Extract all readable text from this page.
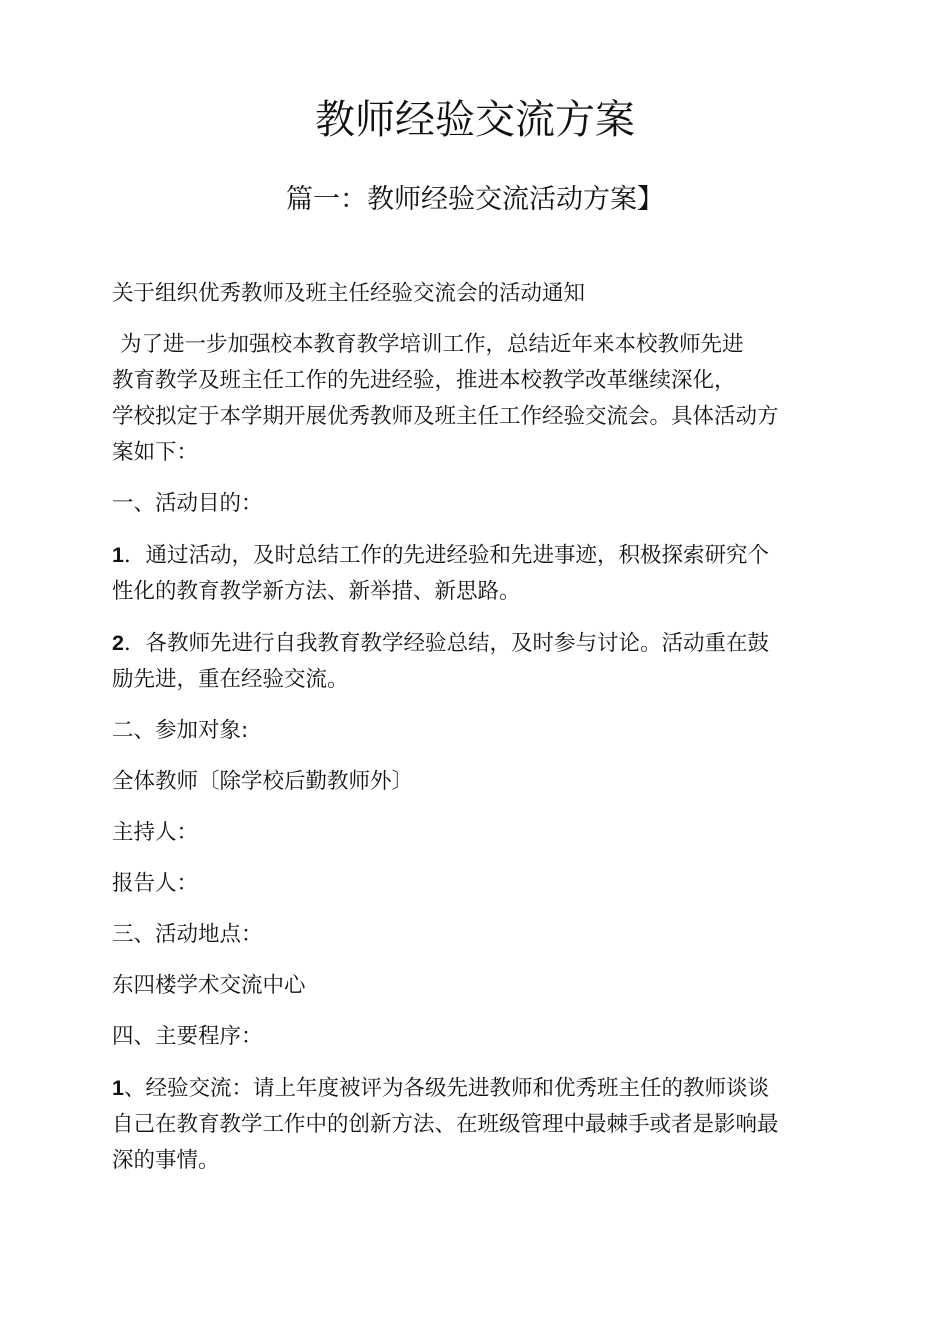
教师经验交流方案
篇一：教师经验交流活动方案】

关于组织优秀教师及班主任经验交流会的活动通知

为了进一步加强校本教育教学培训工作，总结近年来本校教师先进
教育教学及班主任工作的先进经验，推进本校教学改革继续深化，
学校拟定于本学期开展优秀教师及班主任工作经验交流会。具体活动方
案如下：

一、活动目的：

1．通过活动，及时总结工作的先进经验和先进事迹，积极探索研究个
性化的教育教学新方法、新举措、新思路。

2．各教师先进行自我教育教学经验总结，及时参与讨论。活动重在鼓
励先进，重在经验交流。

二、参加对象:

全体教师〔除学校后勤教师外〕

主持人：

报告人：

三、活动地点：

东四楼学术交流中心

四、主要程序：

1、经验交流：请上年度被评为各级先进教师和优秀班主任的教师谈谈
自己在教育教学工作中的创新方法、在班级管理中最棘手或者是影响最
深的事情。
